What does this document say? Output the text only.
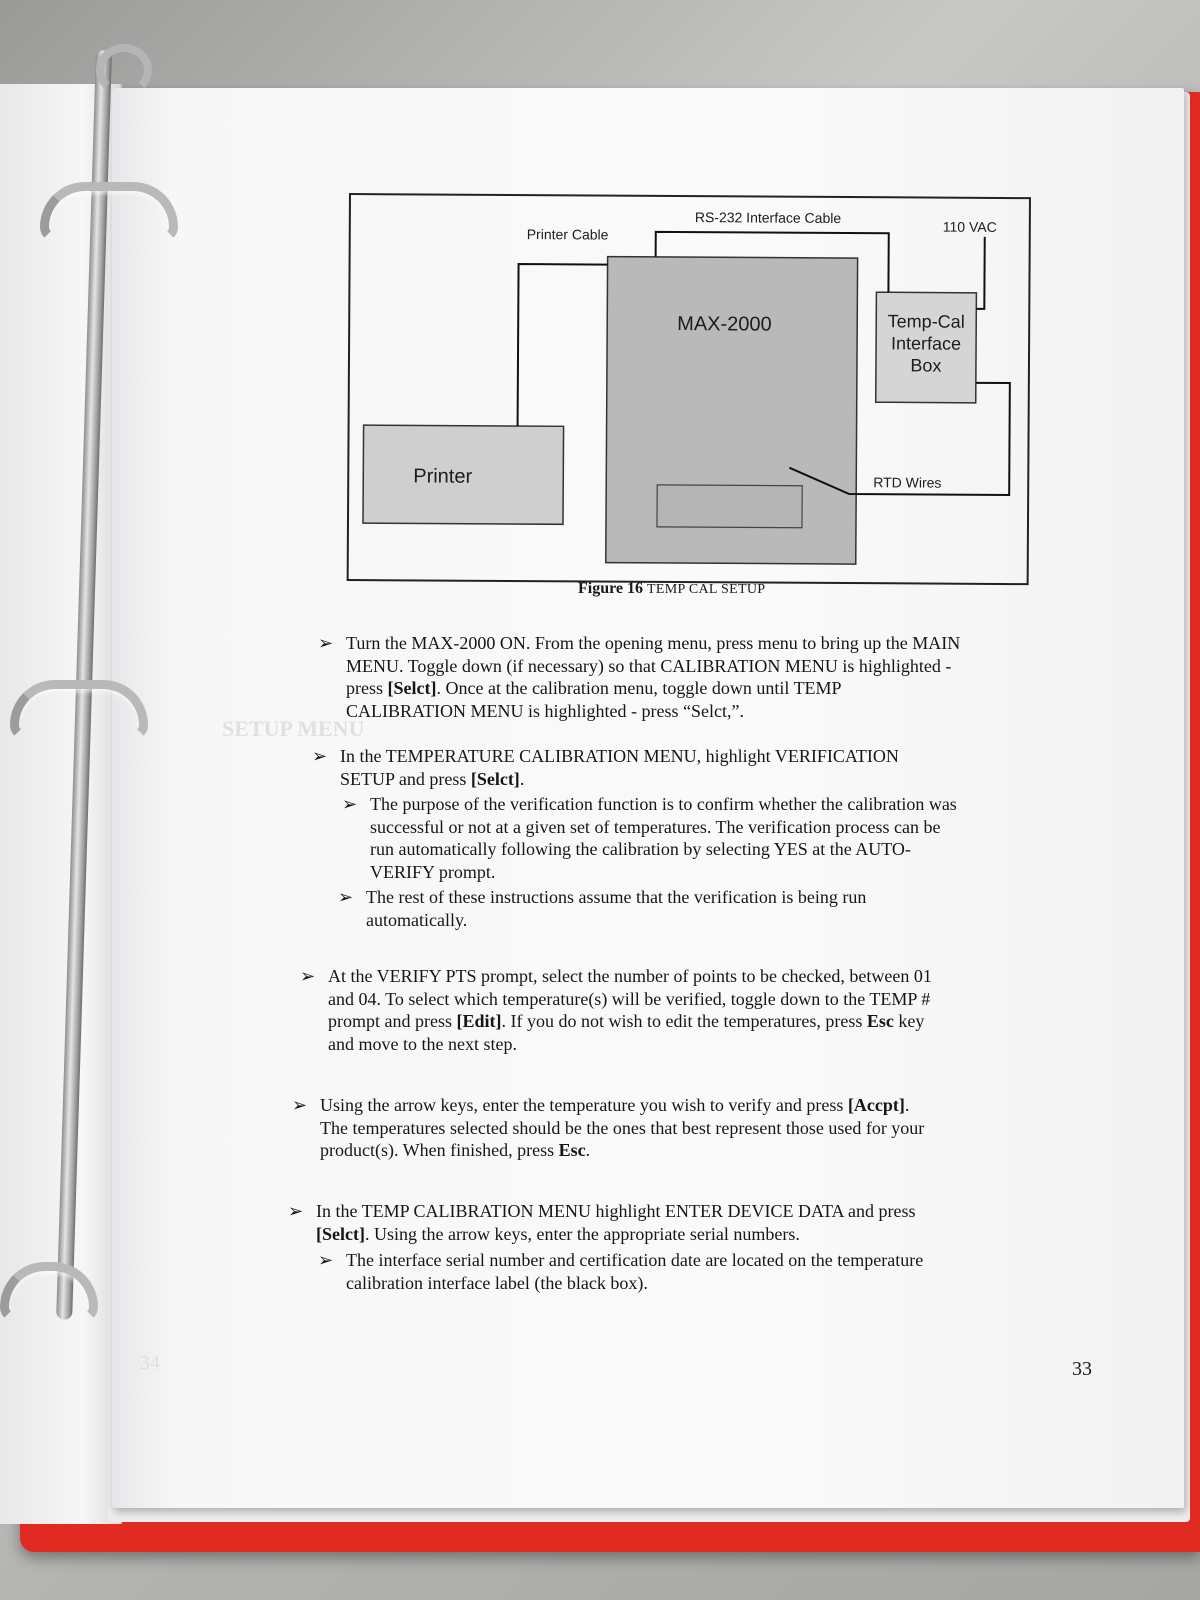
RS-232 Interface Cable
Printer Cable	110 VAC
MAX-2000	Temp-Cal
Interface
Box
Printer	RTD Wires
Figure 16 TEMP CAL SETUP
➢ Turn the MAX-2000 ON. From the opening menu, press menu to bring up the MAIN
MENU. Toggle down (if necessary) so that CALIBRATION MENU is highlighted -
press [Selct]. Once at the calibration menu, toggle down until TEMP
CALIBRATION MENU is highlighted - press “Selct,”.
➢ In the TEMPERATURE CALIBRATION MENU, highlight VERIFICATION
SETUP and press [Selct].
➢ The purpose of the verification function is to confirm whether the calibration was
successful or not at a given set of temperatures. The verification process can be
run automatically following the calibration by selecting YES at the AUTO-
VERIFY prompt.
➢ The rest of these instructions assume that the verification is being run
automatically.
➢ At the VERIFY PTS prompt, select the number of points to be checked, between 01
and 04. To select which temperature(s) will be verified, toggle down to the TEMP #
prompt and press [Edit]. If you do not wish to edit the temperatures, press Esc key
and move to the next step.
➢ Using the arrow keys, enter the temperature you wish to verify and press [Accpt].
The temperatures selected should be the ones that best represent those used for your
product(s). When finished, press Esc.
➢ In the TEMP CALIBRATION MENU highlight ENTER DEVICE DATA and press
[Selct]. Using the arrow keys, enter the appropriate serial numbers.
➢ The interface serial number and certification date are located on the temperature
calibration interface label (the black box).
33
